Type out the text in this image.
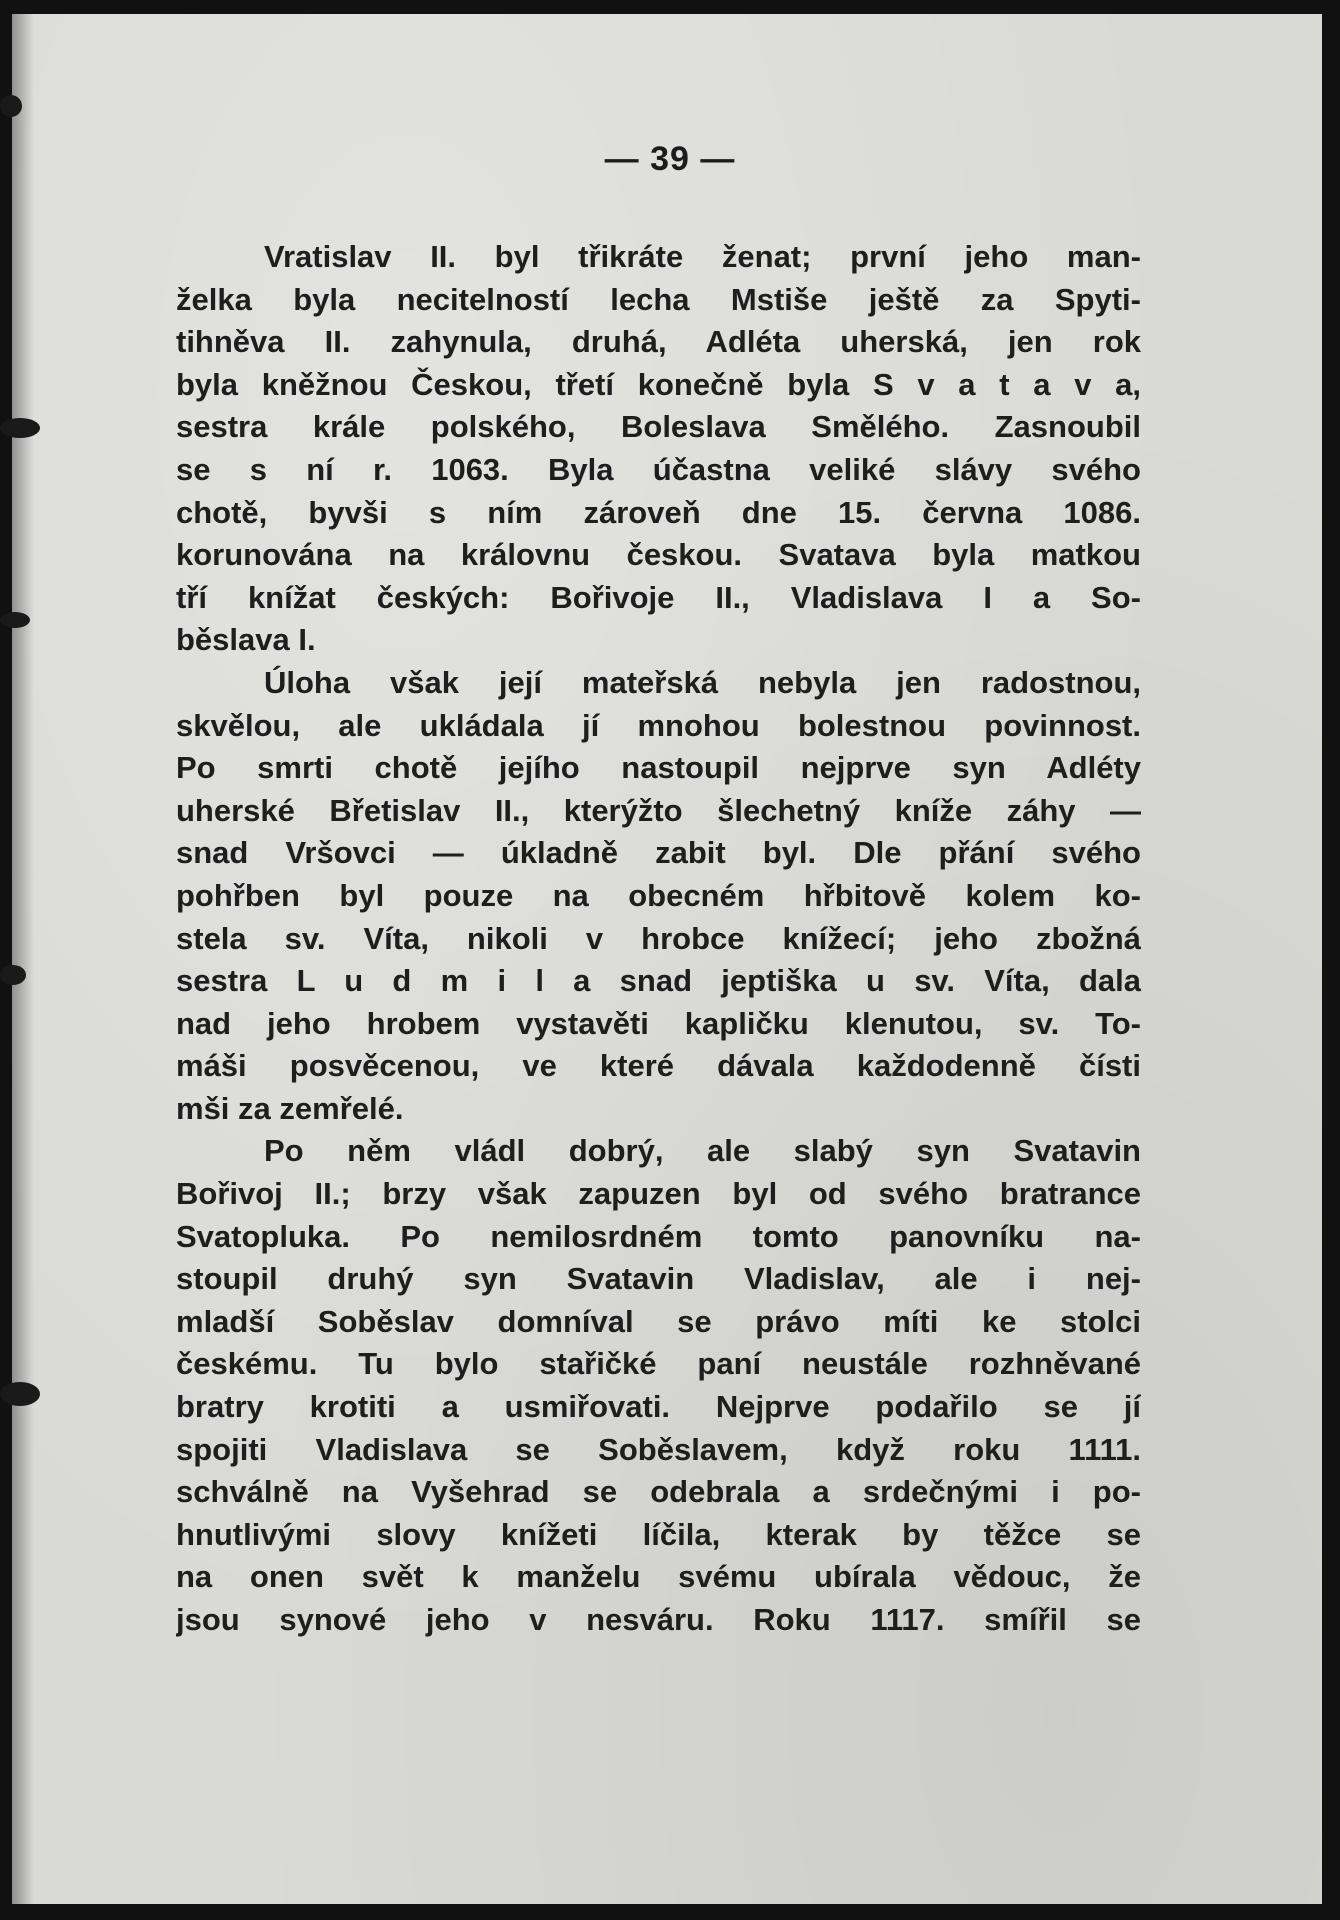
— 39 —
Vratislav II. byl třikráte ženat; první jeho man-
želka byla necitelností lecha Mstiše ještě za Spyti-
tihněva II. zahynula, druhá, Adléta uherská, jen rok
byla kněžnou Českou, třetí konečně byla S v a t a v a,
sestra krále polského, Boleslava Smělého. Zasnoubil
se s ní r. 1063. Byla účastna veliké slávy svého
chotě, byvši s ním zároveň dne 15. června 1086.
korunována na královnu českou. Svatava byla matkou
tří knížat českých: Bořivoje II., Vladislava I a So-
běslava I.
Úloha však její mateřská nebyla jen radostnou,
skvělou, ale ukládala jí mnohou bolestnou povinnost.
Po smrti chotě jejího nastoupil nejprve syn Adléty
uherské Břetislav II., kterýžto šlechetný kníže záhy —
snad Vršovci — úkladně zabit byl. Dle přání svého
pohřben byl pouze na obecném hřbitově kolem ko-
stela sv. Víta, nikoli v hrobce knížecí; jeho zbožná
sestra L u d m i l a snad jeptiška u sv. Víta, dala
nad jeho hrobem vystavěti kapličku klenutou, sv. To-
máši posvěcenou, ve které dávala každodenně čísti
mši za zemřelé.
Po něm vládl dobrý, ale slabý syn Svatavin
Bořivoj II.; brzy však zapuzen byl od svého bratrance
Svatopluka. Po nemilosrdném tomto panovníku na-
stoupil druhý syn Svatavin Vladislav, ale i nej-
mladší Soběslav domníval se právo míti ke stolci
českému. Tu bylo stařičké paní neustále rozhněvané
bratry krotiti a usmiřovati. Nejprve podařilo se jí
spojiti Vladislava se Soběslavem, když roku 1111.
schválně na Vyšehrad se odebrala a srdečnými i po-
hnutlivými slovy knížeti líčila, kterak by těžce se
na onen svět k manželu svému ubírala vědouc, že
jsou synové jeho v nesváru. Roku 1117. smířil se
